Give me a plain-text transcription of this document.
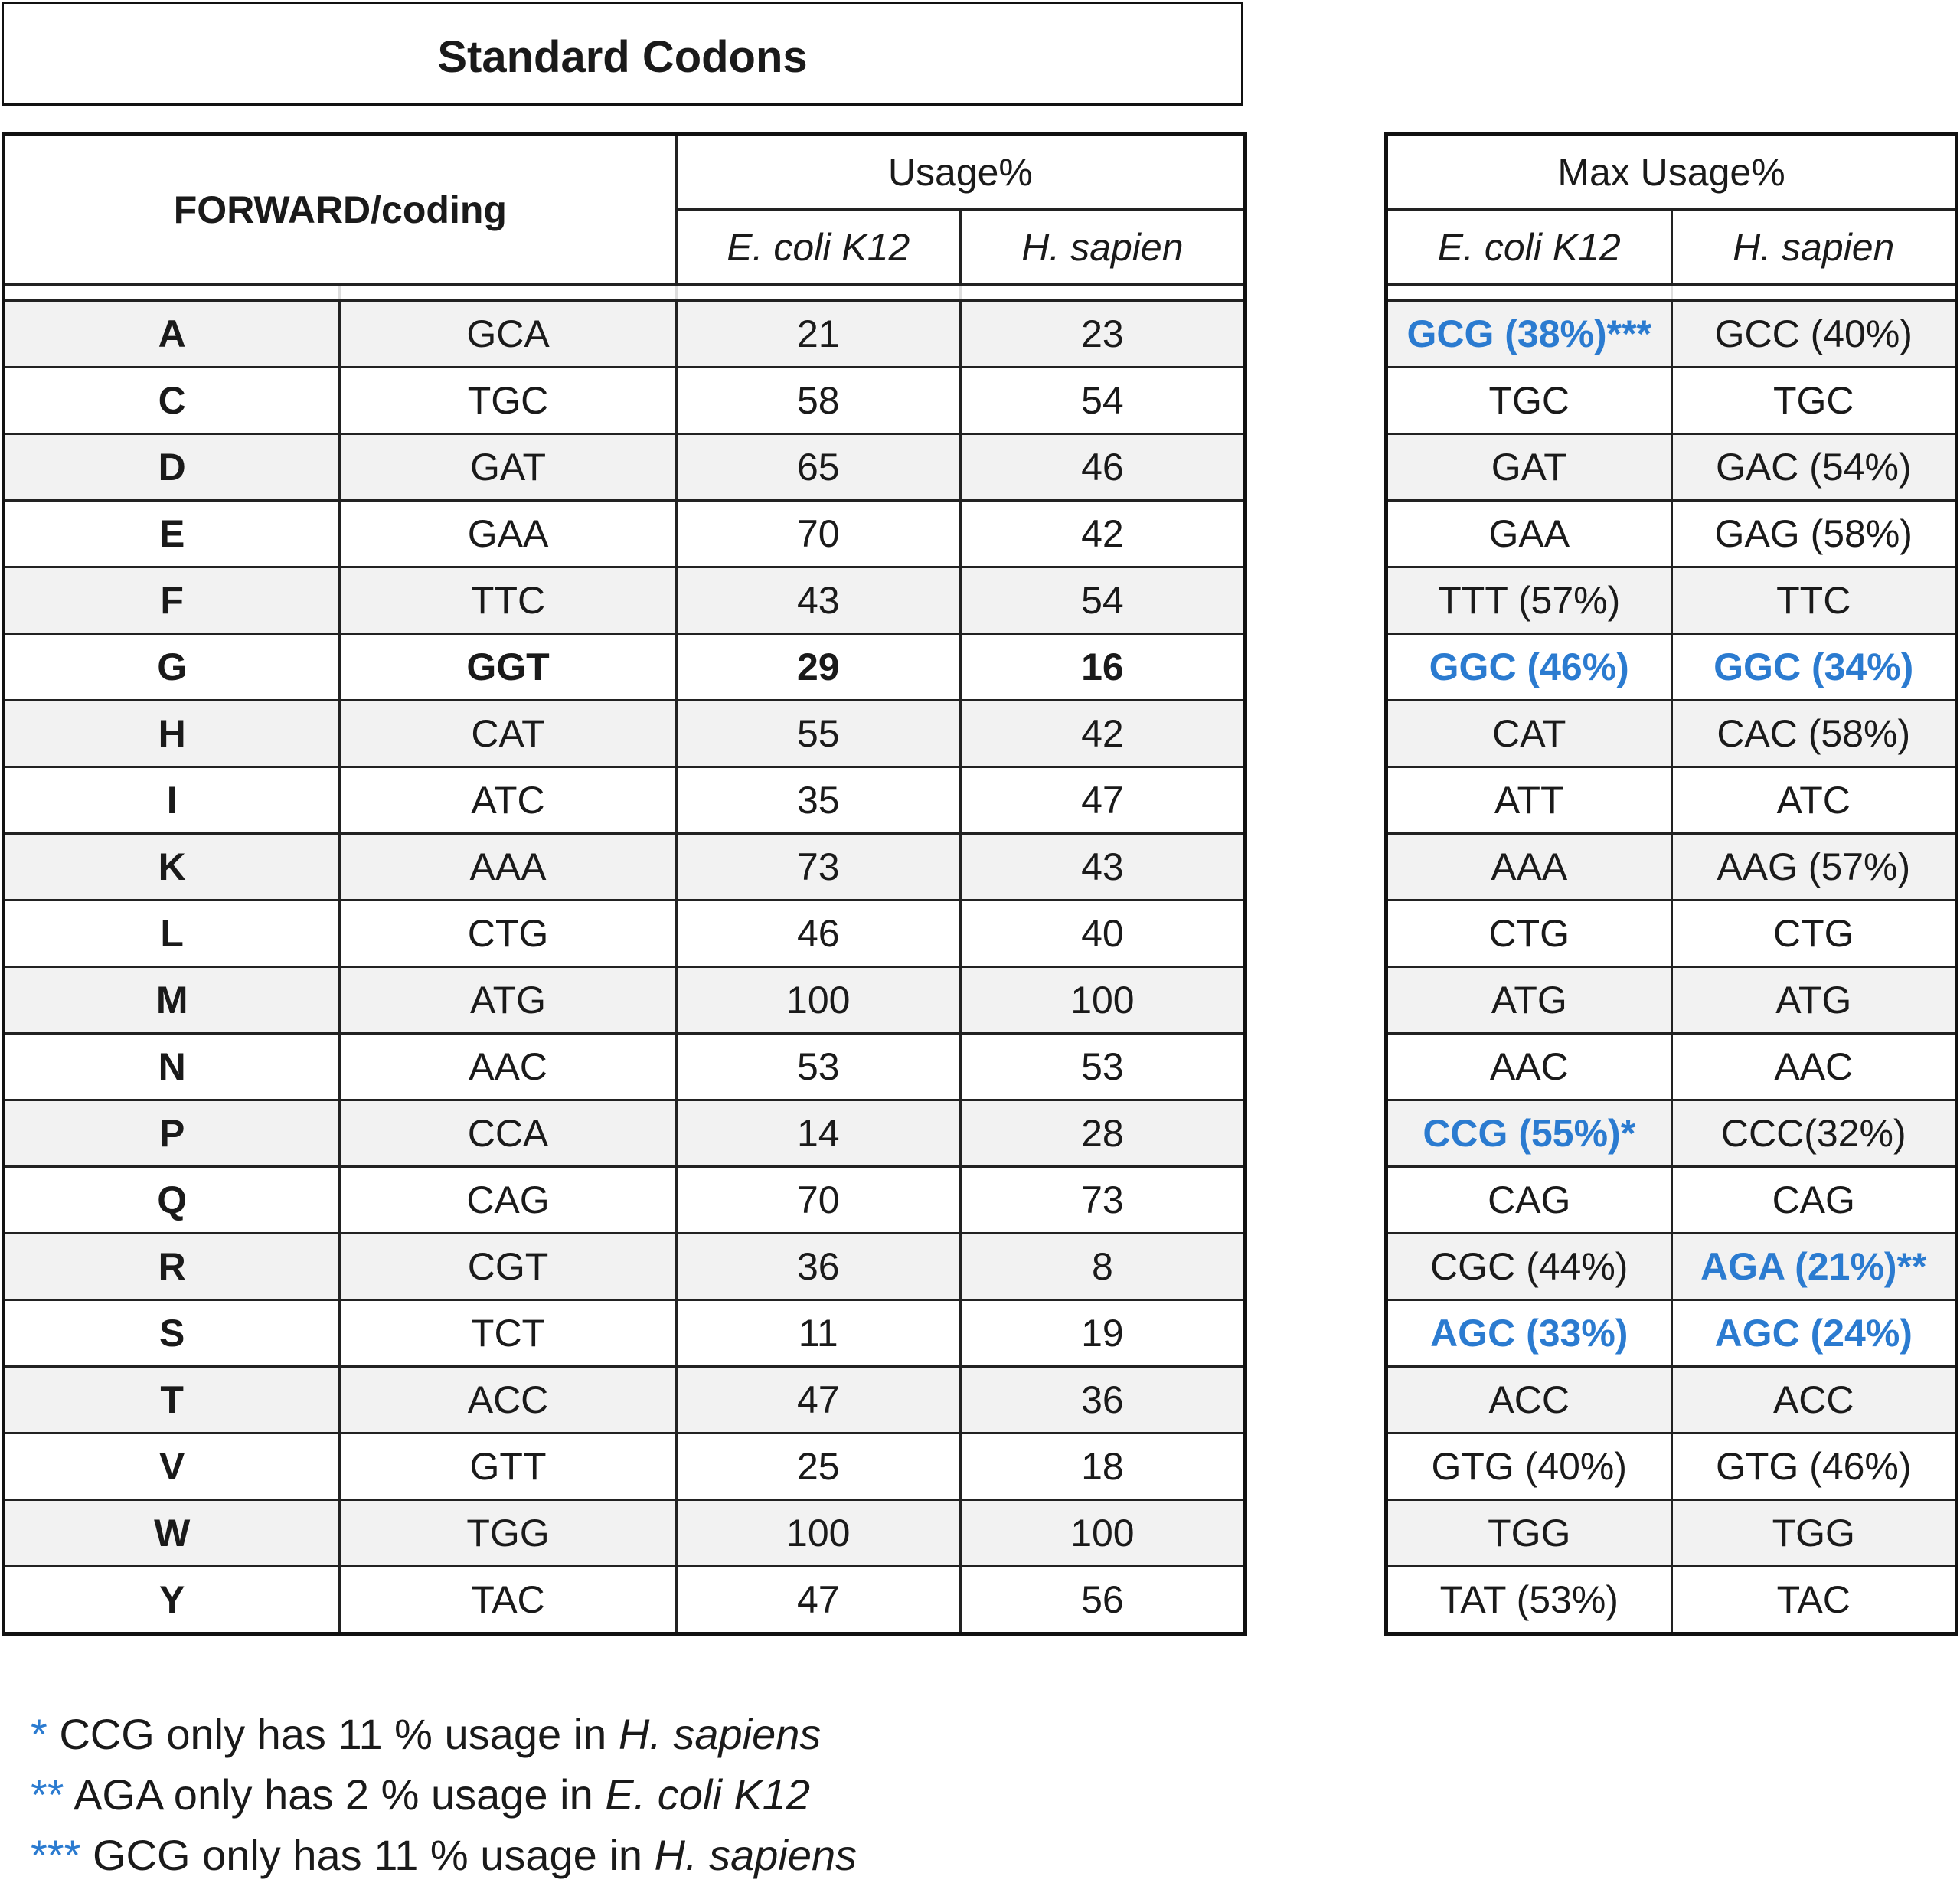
Standard Codons
FORWARD/coding		Usage%	
		E. coli K12	H. sapien

A	GCA	21	23
C	TGC	58	54
D	GAT	65	46
E	GAA	70	42
F	TTC	43	54
G	GGT	29	16
H	CAT	55	42
I	ATC	35	47
K	AAA	73	43
L	CTG	46	40
M	ATG	100	100
N	AAC	53	53
P	CCA	14	28
Q	CAG	70	73
R	CGT	36	8
S	TCT	11	19
T	ACC	47	36
V	GTT	25	18
W	TGG	100	100
Y	TAC	47	56
Max Usage%	
E. coli K12	H. sapien

GCG (38%)***	GCC (40%)
TGC	TGC
GAT	GAC (54%)
GAA	GAG (58%)
TTT (57%)	TTC
GGC (46%)	GGC (34%)
CAT	CAC (58%)
ATT	ATC
AAA	AAG (57%)
CTG	CTG
ATG	ATG
AAC	AAC
CCG (55%)*	CCC(32%)
CAG	CAG
CGC (44%)	AGA (21%)**
AGC (33%)	AGC (24%)
ACC	ACC
GTG (40%)	GTG (46%)
TGG	TGG
TAT (53%)	TAC
* CCG only has 11 % usage in H. sapiens
** AGA only has 2 % usage in E. coli K12
*** GCG only has 11 % usage in H. sapiens
